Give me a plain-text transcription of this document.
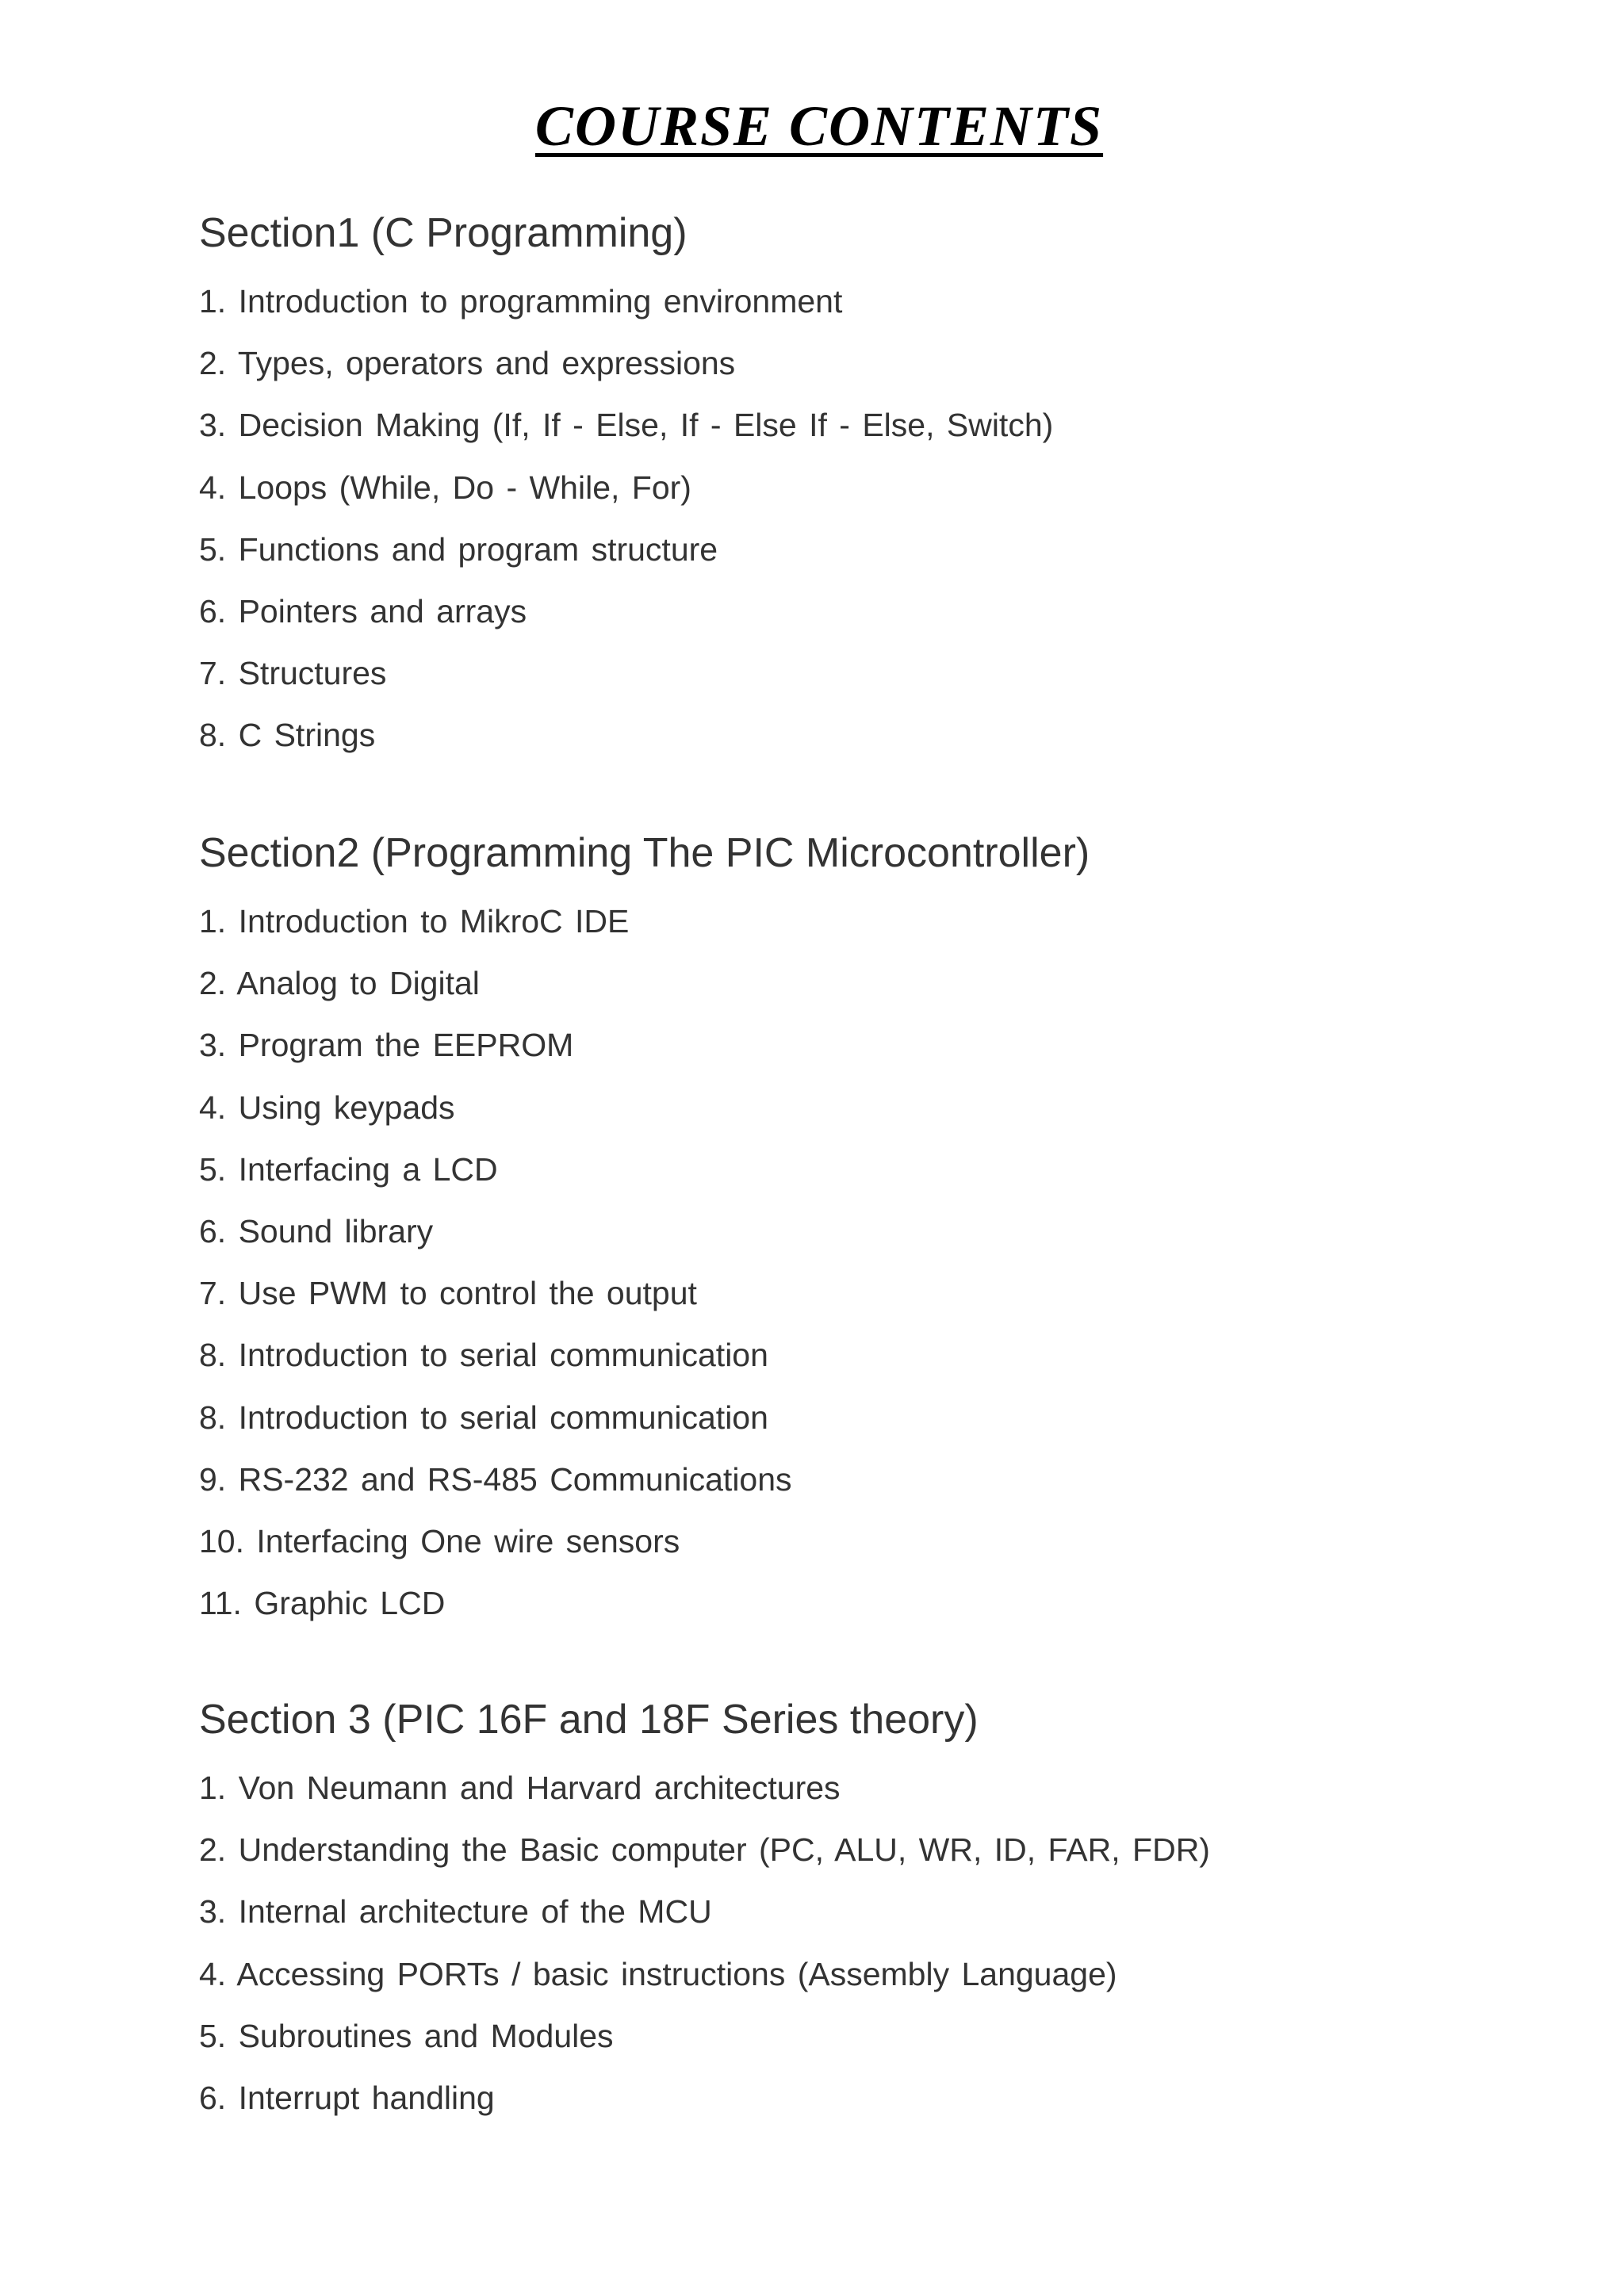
COURSE CONTENTS
Section1 (C Programming)
1. Introduction to programming environment
2. Types, operators and expressions
3. Decision Making (If, If - Else, If - Else If - Else, Switch)
4. Loops (While, Do - While, For)
5. Functions and program structure
6. Pointers and arrays
7. Structures
8. C Strings
Section2 (Programming The PIC Microcontroller)
1. Introduction to MikroC IDE
2. Analog to Digital
3. Program the EEPROM
4. Using keypads
5. Interfacing a LCD
6. Sound library
7. Use PWM to control the output
8. Introduction to serial communication
8. Introduction to serial communication
9. RS-232 and RS-485 Communications
10. Interfacing One wire sensors
11. Graphic LCD
Section 3 (PIC 16F and 18F Series theory)
1. Von Neumann and Harvard architectures
2. Understanding the Basic computer (PC, ALU, WR, ID, FAR, FDR)
3. Internal architecture of the MCU
4. Accessing PORTs / basic instructions (Assembly Language)
5. Subroutines and Modules
6. Interrupt handling
